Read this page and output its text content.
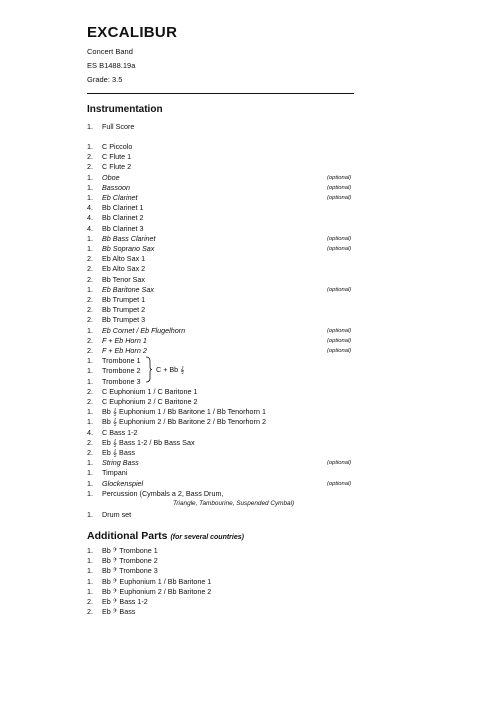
EXCALIBUR
Concert Band
ES B1488.19a
Grade: 3.5
Instrumentation
1. Full Score
1. C Piccolo
2. C Flute 1
2. C Flute 2
1. Oboe	(optional)
1. Bassoon	(optional)
1. Eb Clarinet	(optional)
4. Bb Clarinet 1
4. Bb Clarinet 2
4. Bb Clarinet 3
1. Bb Bass Clarinet	(optional)
1. Bb Soprano Sax	(optional)
2. Eb Alto Sax 1
2. Eb Alto Sax 2
2. Bb Tenor Sax
1. Eb Baritone Sax	(optional)
2. Bb Trumpet 1
2. Bb Trumpet 2
2. Bb Trumpet 3
1. Eb Cornet / Eb Flugelhorn	(optional)
2. F + Eb Horn 1	(optional)
2. F + Eb Horn 2	(optional)
1. Trombone 1
1. Trombone 2
1. Trombone 3
2. C Euphonium 1 / C Baritone 1
2. C Euphonium 2 / C Baritone 2
1. Bb 𝄞 Euphonium 1 / Bb Baritone 1 / Bb Tenorhorn 1
1. Bb 𝄞 Euphonium 2 / Bb Baritone 2 / Bb Tenorhorn 2
4. C Bass 1-2
2. Eb 𝄞 Bass 1-2 / Bb Bass Sax
2. Eb 𝄞 Bass
1. String Bass	(optional)
1. Timpani
1. Glockenspiel	(optional)
1. Percussion (Cymbals a 2, Bass Drum,
Triangle, Tambourine, Suspended Cymbal)
1. Drum set
C + Bb 𝄞
Additional Parts (for several countries)
1. Bb 𝄢 Trombone 1
1. Bb 𝄢 Trombone 2
1. Bb 𝄢 Trombone 3
1. Bb 𝄢 Euphonium 1 / Bb Baritone 1
1. Bb 𝄢 Euphonium 2 / Bb Baritone 2
2. Eb 𝄢 Bass 1-2
2. Eb 𝄢 Bass
